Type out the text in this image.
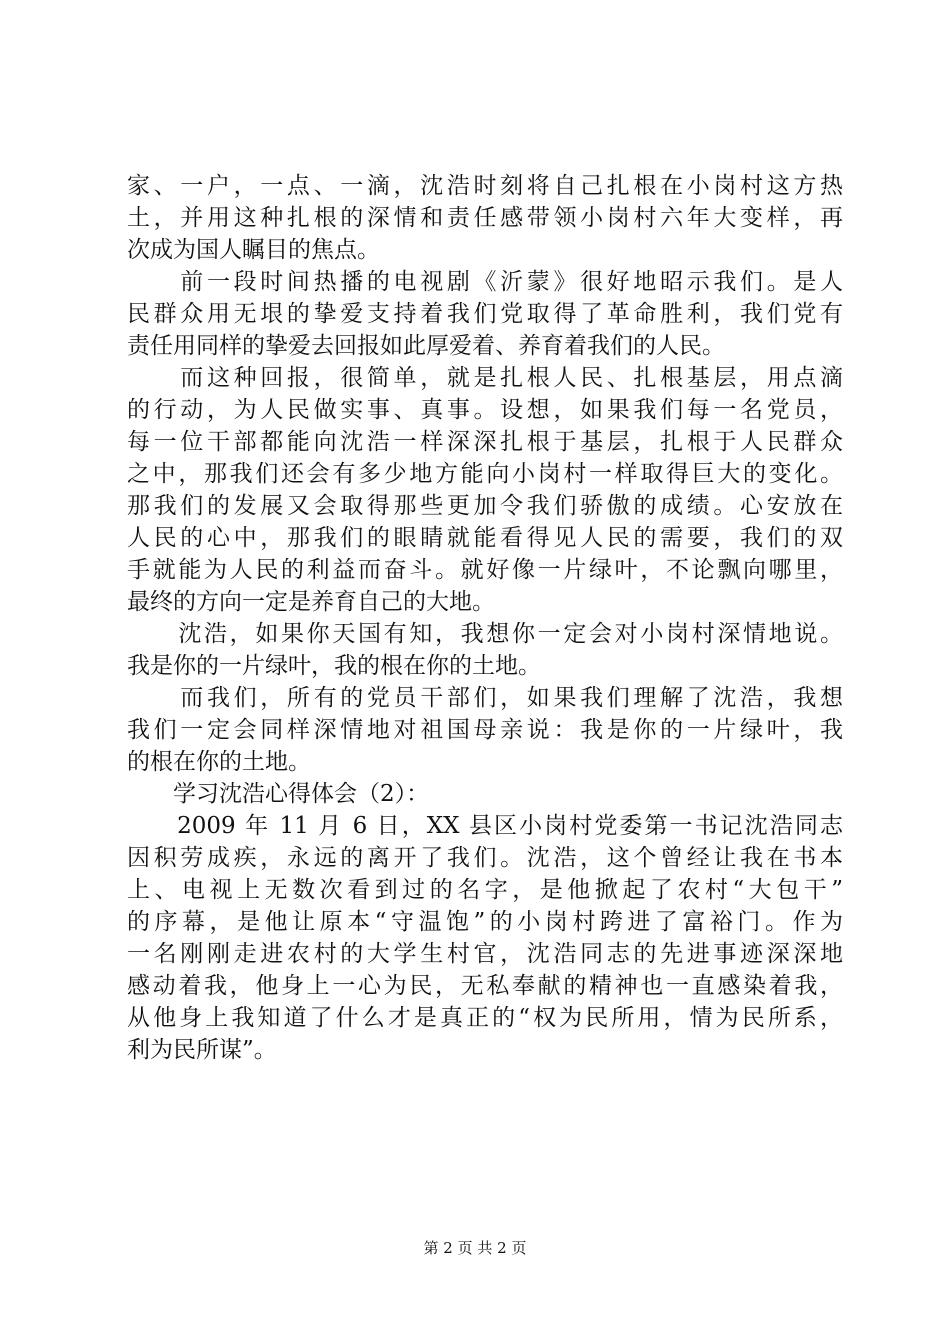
家、一户，一点、一滴，沈浩时刻将自己扎根在小岗村这方热
土，并用这种扎根的深情和责任感带领小岗村六年大变样，再
次成为国人瞩目的焦点。
　　前一段时间热播的电视剧《沂蒙》很好地昭示我们。是人
民群众用无垠的挚爱支持着我们党取得了革命胜利，我们党有
责任用同样的挚爱去回报如此厚爱着、养育着我们的人民。
　　而这种回报，很简单，就是扎根人民、扎根基层，用点滴
的行动，为人民做实事、真事。设想，如果我们每一名党员，
每一位干部都能向沈浩一样深深扎根于基层，扎根于人民群众
之中，那我们还会有多少地方能向小岗村一样取得巨大的变化。
那我们的发展又会取得那些更加令我们骄傲的成绩。心安放在
人民的心中，那我们的眼睛就能看得见人民的需要，我们的双
手就能为人民的利益而奋斗。就好像一片绿叶，不论飘向哪里，
最终的方向一定是养育自己的大地。
　　沈浩，如果你天国有知，我想你一定会对小岗村深情地说。
我是你的一片绿叶，我的根在你的土地。
　　而我们，所有的党员干部们，如果我们理解了沈浩，我想
我们一定会同样深情地对祖国母亲说：我是你的一片绿叶，我
的根在你的土地。
　　学习沈浩心得体会（2）：
　　2009 年 11 月 6 日，XX 县区小岗村党委第一书记沈浩同志
因积劳成疾，永远的离开了我们。沈浩，这个曾经让我在书本
上、电视上无数次看到过的名字，是他掀起了农村“大包干”
的序幕，是他让原本“守温饱”的小岗村跨进了富裕门。作为
一名刚刚走进农村的大学生村官，沈浩同志的先进事迹深深地
感动着我，他身上一心为民，无私奉献的精神也一直感染着我，
从他身上我知道了什么才是真正的“权为民所用，情为民所系，
利为民所谋”。
第 2 页 共 2 页
